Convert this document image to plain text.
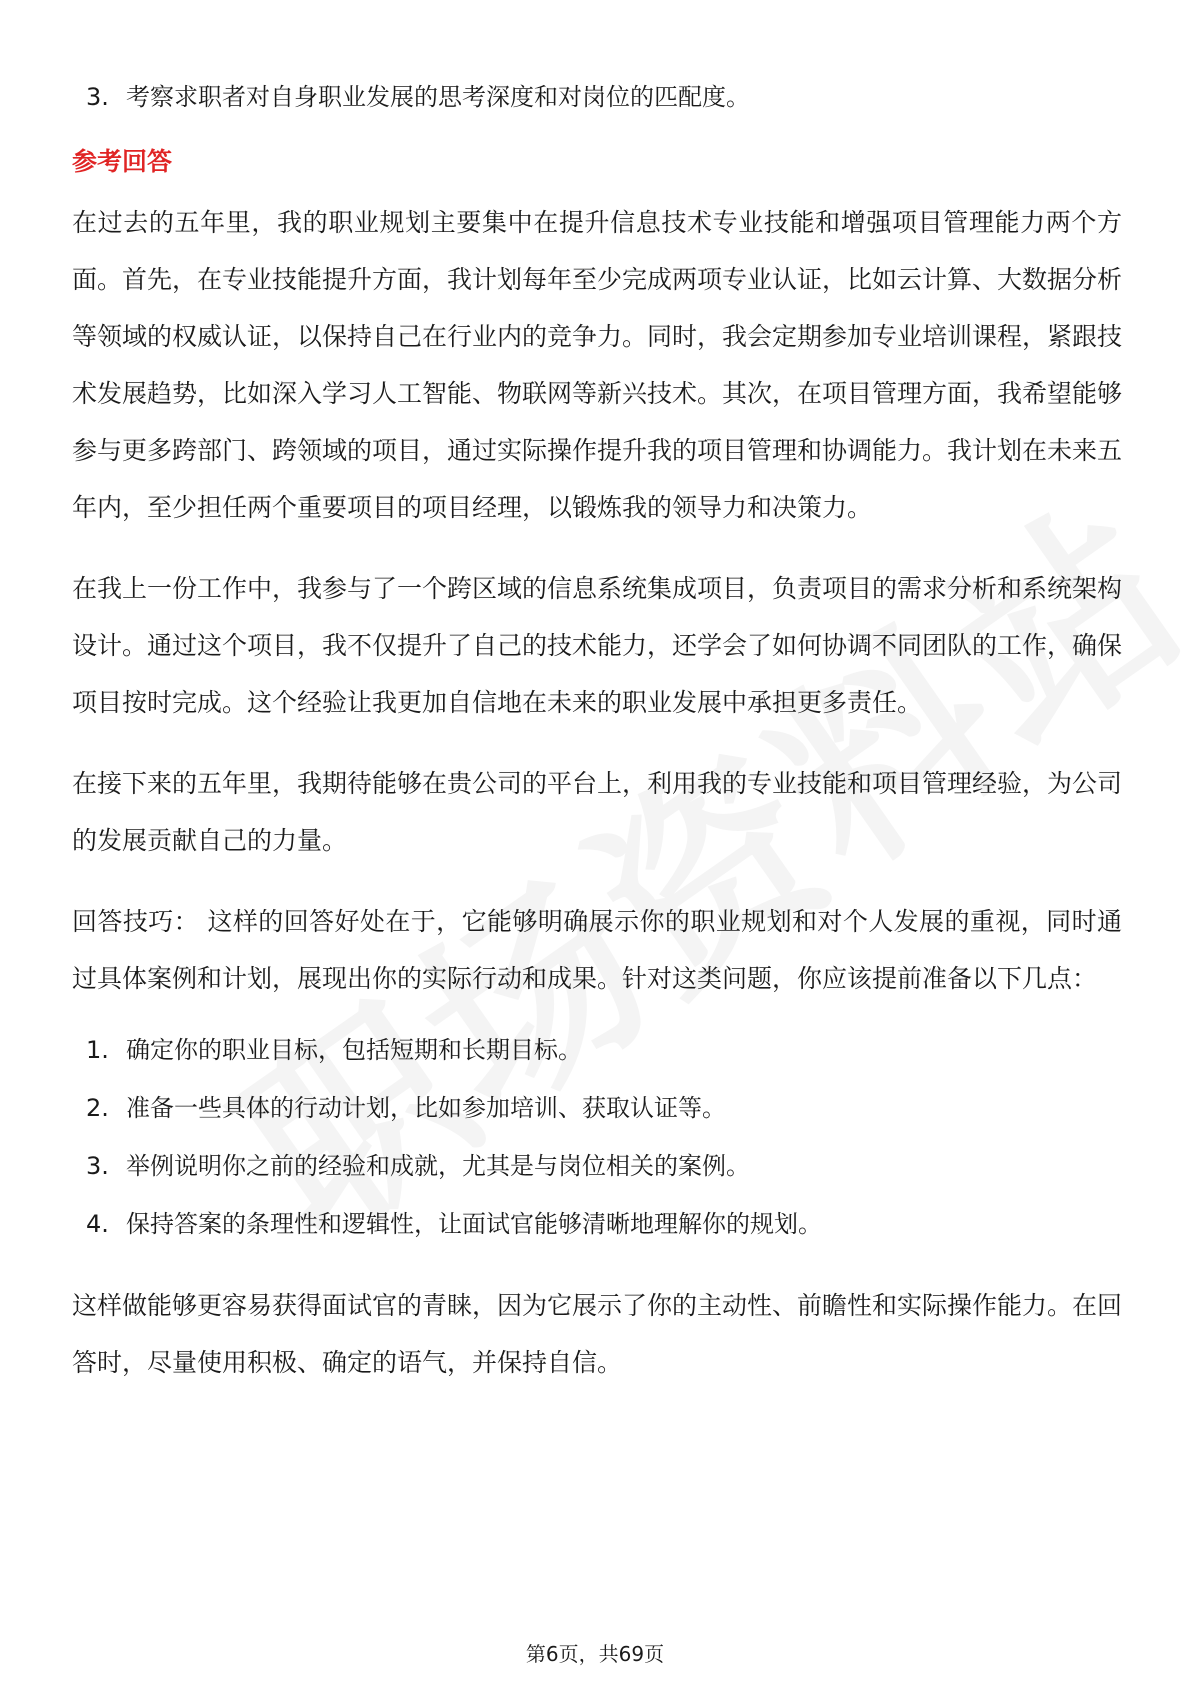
3. 考察求职者对自身职业发展的思考深度和对岗位的匹配度。
参考回答

在过去的五年里，我的职业规划主要集中在提升信息技术专业技能和增强项目管理能力两个方面。首先，在专业技能提升方面，我计划每年至少完成两项专业认证，比如云计算、大数据分析等领域的权威认证，以保持自己在行业内的竞争力。同时，我会定期参加专业培训课程，紧跟技术发展趋势，比如深入学习人工智能、物联网等新兴技术。其次，在项目管理方面，我希望能够参与更多跨部门、跨领域的项目，通过实际操作提升我的项目管理和协调能力。我计划在未来五年内，至少担任两个重要项目的项目经理，以锻炼我的领导力和决策力。

在我上一份工作中，我参与了一个跨区域的信息系统集成项目，负责项目的需求分析和系统架构设计。通过这个项目，我不仅提升了自己的技术能力，还学会了如何协调不同团队的工作，确保项目按时完成。这个经验让我更加自信地在未来的职业发展中承担更多责任。

在接下来的五年里，我期待能够在贵公司的平台上，利用我的专业技能和项目管理经验，为公司的发展贡献自己的力量。

回答技巧： 这样的回答好处在于，它能够明确展示你的职业规划和对个人发展的重视，同时通过具体案例和计划，展现出你的实际行动和成果。针对这类问题，你应该提前准备以下几点：

1. 确定你的职业目标，包括短期和长期目标。
2. 准备一些具体的行动计划，比如参加培训、获取认证等。
3. 举例说明你之前的经验和成就，尤其是与岗位相关的案例。
4. 保持答案的条理性和逻辑性，让面试官能够清晰地理解你的规划。

这样做能够更容易获得面试官的青睐，因为它展示了你的主动性、前瞻性和实际操作能力。在回答时，尽量使用积极、确定的语气，并保持自信。

第6页，共69页
